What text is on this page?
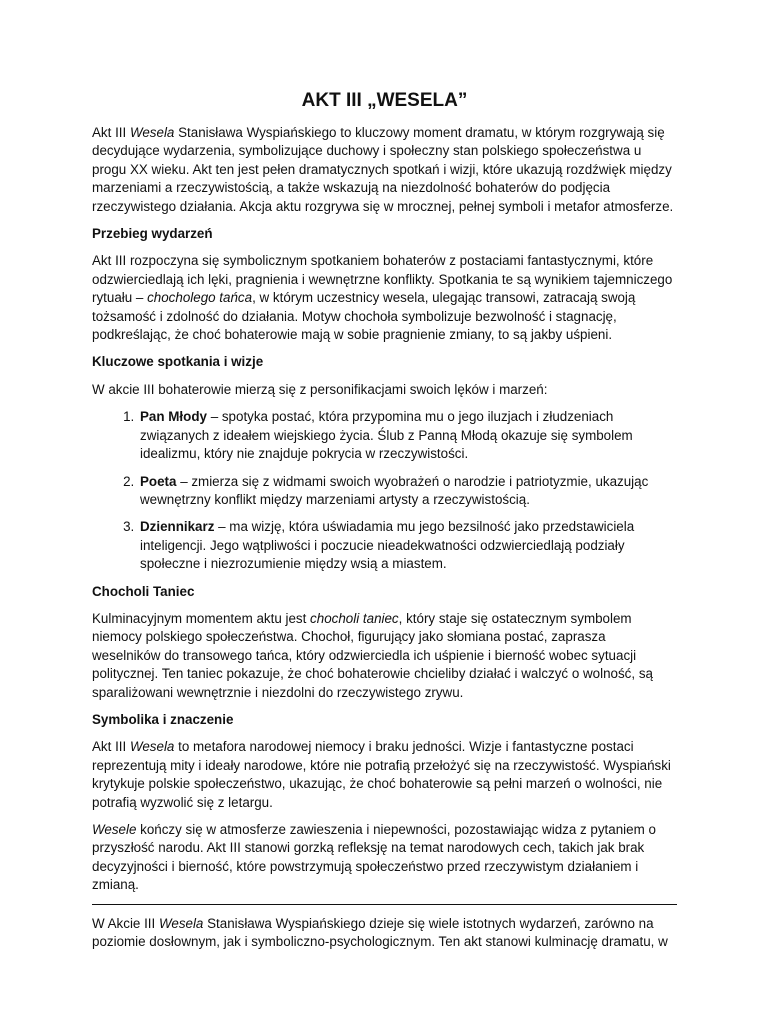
AKT III „WESELA”

Akt III Wesela Stanisława Wyspiańskiego to kluczowy moment dramatu, w którym rozgrywają się decydujące wydarzenia, symbolizujące duchowy i społeczny stan polskiego społeczeństwa u progu XX wieku. Akt ten jest pełen dramatycznych spotkań i wizji, które ukazują rozdźwięk między marzeniami a rzeczywistością, a także wskazują na niezdolność bohaterów do podjęcia rzeczywistego działania. Akcja aktu rozgrywa się w mrocznej, pełnej symboli i metafor atmosferze.

Przebieg wydarzeń

Akt III rozpoczyna się symbolicznym spotkaniem bohaterów z postaciami fantastycznymi, które odzwierciedlają ich lęki, pragnienia i wewnętrzne konflikty. Spotkania te są wynikiem tajemniczego rytuału – chocholego tańca, w którym uczestnicy wesela, ulegając transowi, zatracają swoją tożsamość i zdolność do działania. Motyw chochoła symbolizuje bezwolność i stagnację, podkreślając, że choć bohaterowie mają w sobie pragnienie zmiany, to są jakby uśpieni.

Kluczowe spotkania i wizje

W akcie III bohaterowie mierzą się z personifikacjami swoich lęków i marzeń:

1. Pan Młody – spotyka postać, która przypomina mu o jego iluzjach i złudzeniach związanych z ideałem wiejskiego życia. Ślub z Panną Młodą okazuje się symbolem idealizmu, który nie znajduje pokrycia w rzeczywistości.
2. Poeta – zmierza się z widmami swoich wyobrażeń o narodzie i patriotyzmie, ukazując wewnętrzny konflikt między marzeniami artysty a rzeczywistością.
3. Dziennikarz – ma wizję, która uświadamia mu jego bezsilność jako przedstawiciela inteligencji. Jego wątpliwości i poczucie nieadekwatności odzwierciedlają podziały społeczne i niezrozumienie między wsią a miastem.
Chocholi Taniec

Kulminacyjnym momentem aktu jest chocholi taniec, który staje się ostatecznym symbolem niemocy polskiego społeczeństwa. Chochoł, figurujący jako słomiana postać, zaprasza weselników do transowego tańca, który odzwierciedla ich uśpienie i bierność wobec sytuacji politycznej. Ten taniec pokazuje, że choć bohaterowie chcieliby działać i walczyć o wolność, są sparaliżowani wewnętrznie i niezdolni do rzeczywistego zrywu.

Symbolika i znaczenie

Akt III Wesela to metafora narodowej niemocy i braku jedności. Wizje i fantastyczne postaci reprezentują mity i ideały narodowe, które nie potrafią przełożyć się na rzeczywistość. Wyspiański krytykuje polskie społeczeństwo, ukazując, że choć bohaterowie są pełni marzeń o wolności, nie potrafią wyzwolić się z letargu.

Wesele kończy się w atmosferze zawieszenia i niepewności, pozostawiając widza z pytaniem o przyszłość narodu. Akt III stanowi gorzką refleksję na temat narodowych cech, takich jak brak decyzyjności i bierność, które powstrzymują społeczeństwo przed rzeczywistym działaniem i zmianą.

W Akcie III Wesela Stanisława Wyspiańskiego dzieje się wiele istotnych wydarzeń, zarówno na poziomie dosłownym, jak i symboliczno-psychologicznym. Ten akt stanowi kulminację dramatu, w
